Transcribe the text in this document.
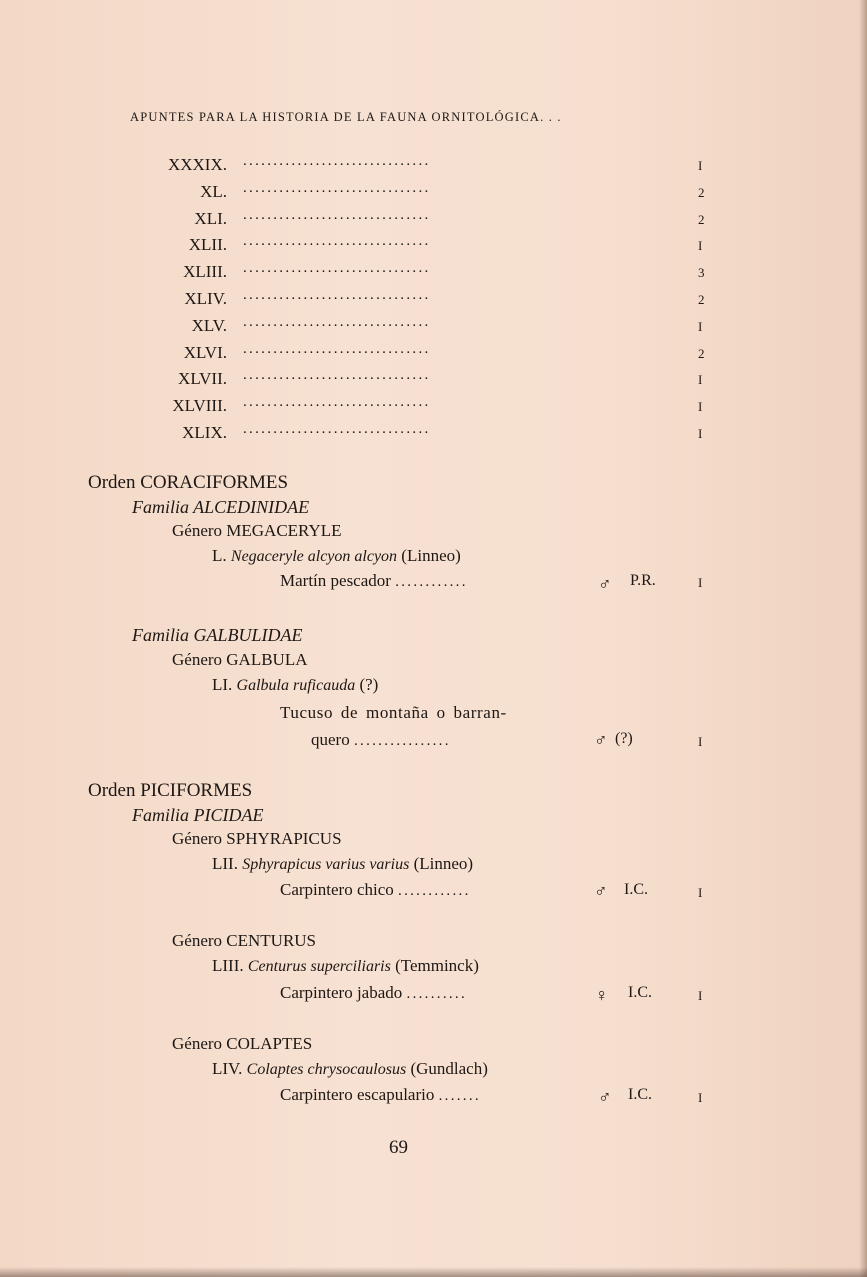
APUNTES PARA LA HISTORIA DE LA FAUNA ORNITOLÓGICA. . .
XXXIX. ...............................	I
XL. ...............................	2
XLI. ...............................	2
XLII. ...............................	I
XLIII. ...............................	3
XLIV. ...............................	2
XLV. ...............................	I
XLVI. ...............................	2
XLVII. ...............................	I
XLVIII. ...............................	I
XLIX. ...............................	I
Orden CORACIFORMES
Familia ALCEDINIDAE
Género MEGACERYLE
L. Negaceryle alcyon alcyon (Linneo)
Martín pescador ............	♂ P.R.	I
Familia GALBULIDAE
Género GALBULA
LI. Galbula ruficauda (?)
Tucuso de montaña o barran-
quero ................	♂ (?)	I
Orden PICIFORMES
Familia PICIDAE
Género SPHYRAPICUS
LII. Sphyrapicus varius varius (Linneo)
Carpintero chico ............	♂ I.C.	I
Género CENTURUS
LIII. Centurus superciliaris (Temminck)
Carpintero jabado ..........	♀ I.C.	I
Género COLAPTES
LIV. Colaptes chrysocaulosus (Gundlach)
Carpintero escapulario .......	♂ I.C.	I
69
